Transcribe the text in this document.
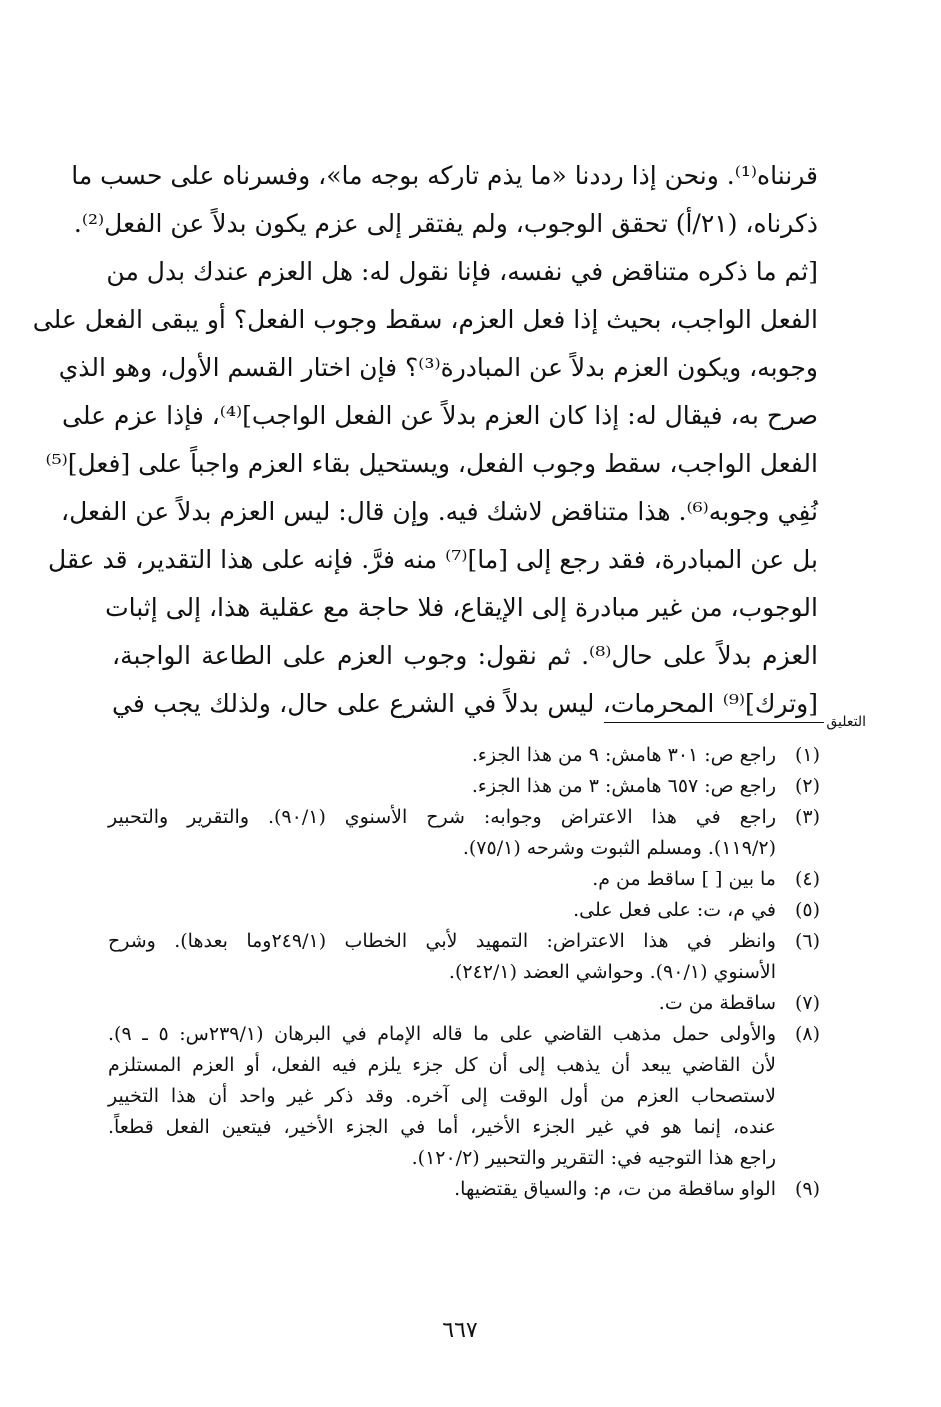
قرنناه⁽¹⁾. ونحن إذا رددنا «ما يذم تاركه بوجه ما»، وفسرناه على حسب ما
ذكرناه، (٢١/أ) تحقق الوجوب، ولم يفتقر إلى عزم يكون بدلاً عن الفعل⁽²⁾.
[ثم ما ذكره متناقض في نفسه، فإنا نقول له: هل العزم عندك بدل من
الفعل الواجب، بحيث إذا فعل العزم، سقط وجوب الفعل؟ أو يبقى الفعل على
وجوبه، ويكون العزم بدلاً عن المبادرة⁽³⁾؟ فإن اختار القسم الأول، وهو الذي
صرح به، فيقال له: إذا كان العزم بدلاً عن الفعل الواجب]⁽⁴⁾، فإذا عزم على
الفعل الواجب، سقط وجوب الفعل، ويستحيل بقاء العزم واجباً على [فعل]⁽⁵⁾
نُفِي وجوبه⁽⁶⁾. هذا متناقض لاشك فيه. وإن قال: ليس العزم بدلاً عن الفعل،
بل عن المبادرة، فقد رجع إلى [ما]⁽⁷⁾ منه فرَّ. فإنه على هذا التقدير، قد عقل
الوجوب، من غير مبادرة إلى الإيقاع، فلا حاجة مع عقلية هذا، إلى إثبات
العزم بدلاً على حال⁽⁸⁾. ثم نقول: وجوب العزم على الطاعة الواجبة،
[وترك]⁽⁹⁾ المحرمات، ليس بدلاً في الشرع على حال، ولذلك يجب في
التعليق
(١)
راجع ص: ٣٠١ هامش: ٩ من هذا الجزء.
(٢)
راجع ص: ٦٥٧ هامش: ٣ من هذا الجزء.
(٣)
راجع في هذا الاعتراض وجوابه: شرح الأسنوي (٩٠/١). والتقرير والتحبير
(١١٩/٢). ومسلم الثبوت وشرحه (٧٥/١).
(٤)
ما بين [ ] ساقط من م.
(٥)
في م، ت: على فعل على.
(٦)
وانظر في هذا الاعتراض: التمهيد لأبي الخطاب (٢٤٩/١وما بعدها). وشرح
الأسنوي (٩٠/١). وحواشي العضد (٢٤٢/١).
(٧)
ساقطة من ت.
(٨)
والأولى حمل مذهب القاضي على ما قاله الإمام في البرهان (٢٣٩/١س: ٥ ـ ٩).
لأن القاضي يبعد أن يذهب إلى أن كل جزء يلزم فيه الفعل، أو العزم المستلزم
لاستصحاب العزم من أول الوقت إلى آخره. وقد ذكر غير واحد أن هذا التخيير
عنده، إنما هو في غير الجزء الأخير، أما في الجزء الأخير، فيتعين الفعل قطعاً.
راجع هذا التوجيه في: التقرير والتحبير (١٢٠/٢).
(٩)
الواو ساقطة من ت، م: والسياق يقتضيها.
٦٦٧
